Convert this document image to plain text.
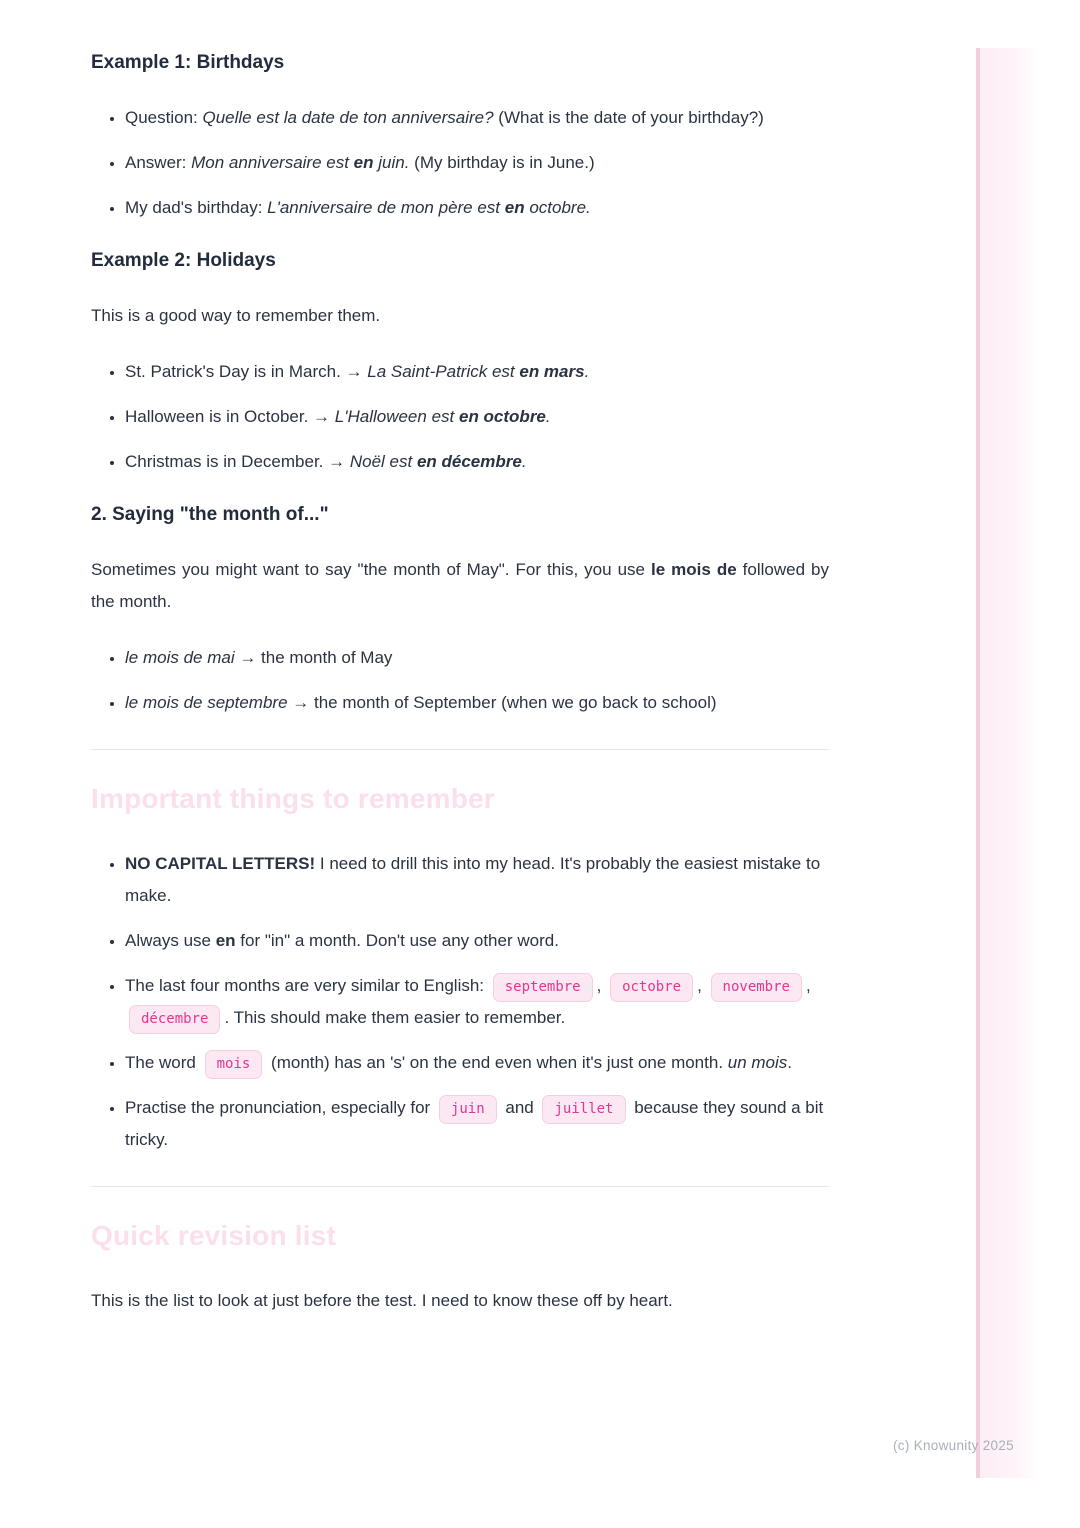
Example 1: Birthdays
• Question: Quelle est la date de ton anniversaire? (What is the date of your birthday?)
• Answer: Mon anniversaire est en juin. (My birthday is in June.)
• My dad's birthday: L'anniversaire de mon père est en octobre.
Example 2: Holidays

This is a good way to remember them.

• St. Patrick's Day is in March. → La Saint-Patrick est en mars.
• Halloween is in October. → L'Halloween est en octobre.
• Christmas is in December. → Noël est en décembre.
2. Saying "the month of..."

Sometimes you might want to say "the month of May". For this, you use le mois de followed by the month.

• le mois de mai → the month of May
• le mois de septembre → the month of September (when we go back to school)
Important things to remember
• NO CAPITAL LETTERS! I need to drill this into my head. It's probably the easiest mistake to make.
• Always use en for "in" a month. Don't use any other word.
• The last four months are very similar to English: septembre , octobre , novembre , décembre . This should make them easier to remember.
• The word mois (month) has an 's' on the end even when it's just one month. un mois.
• Practise the pronunciation, especially for juin and juillet because they sound a bit tricky.
Quick revision list

This is the list to look at just before the test. I need to know these off by heart.

(c) Knowunity 2025
